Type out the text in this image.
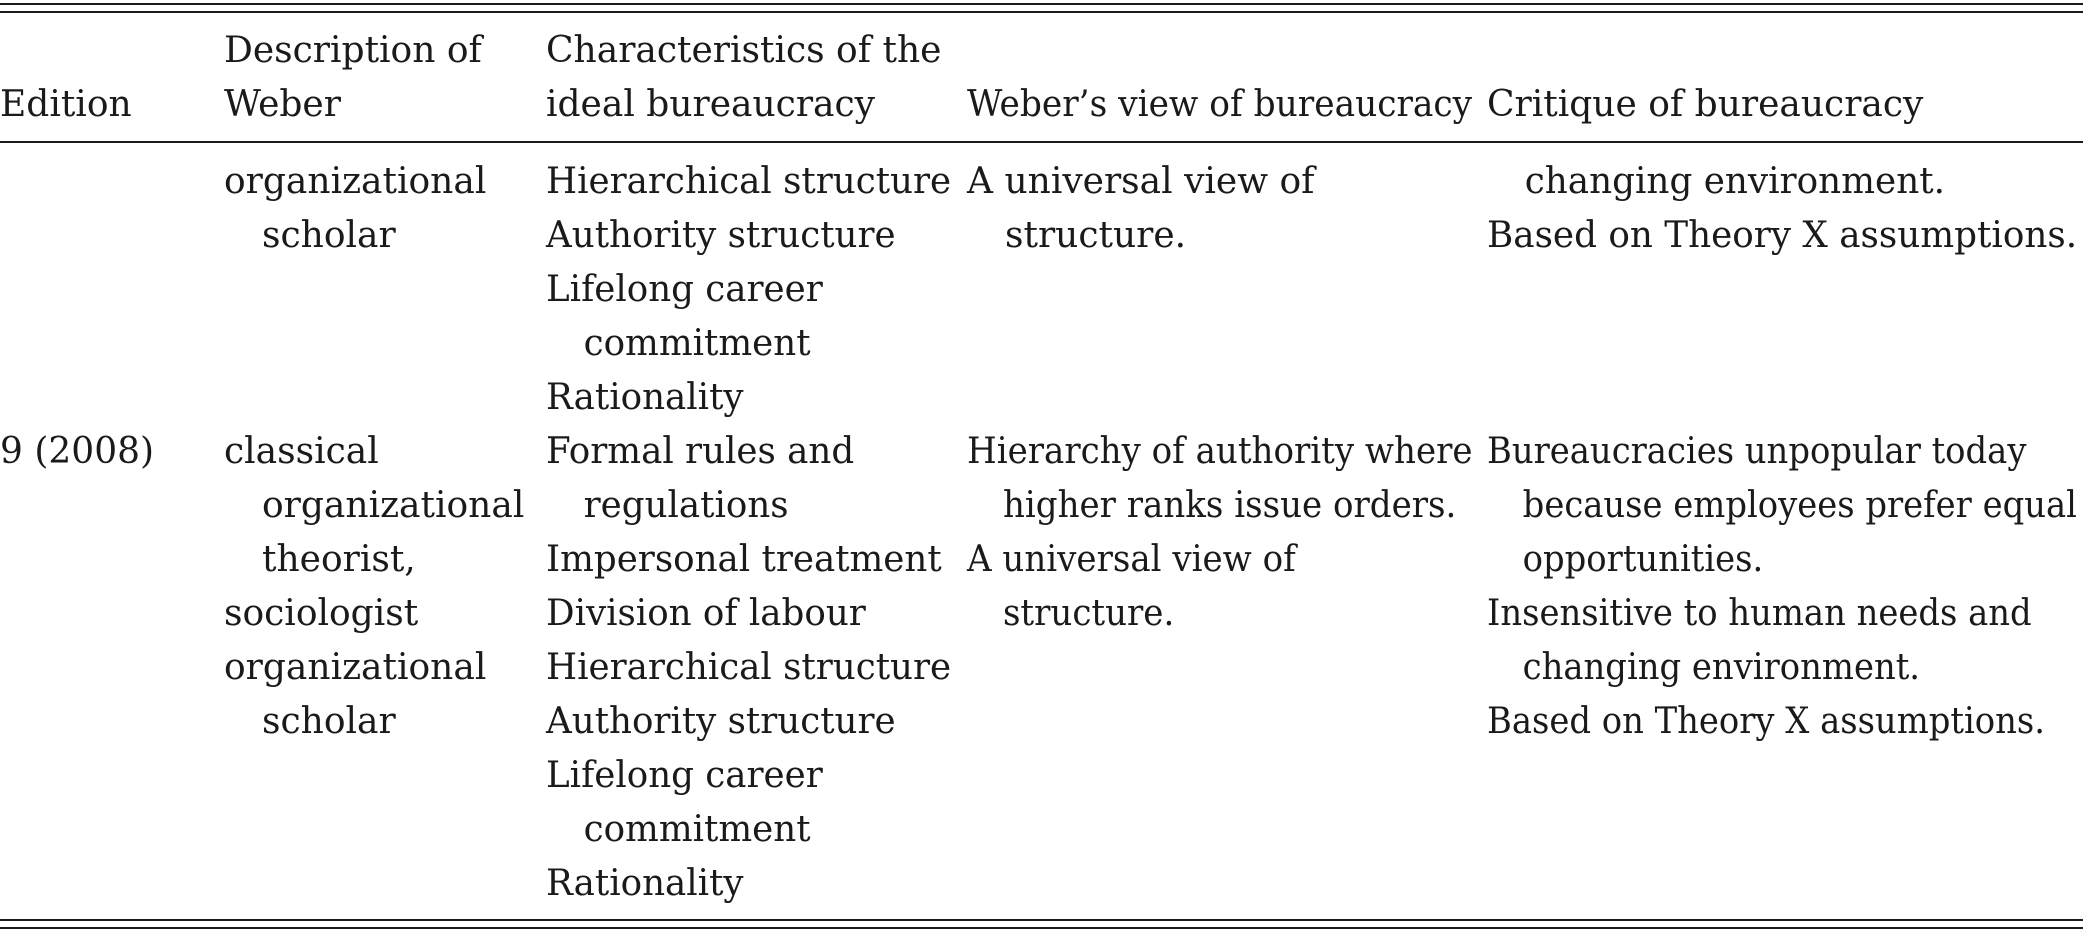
Edition
Description of
Weber
Characteristics of the
ideal bureaucracy	Weber’s view of bureaucracy Critique of bureaucracy
organizational
scholar
Hierarchical structure
Authority structure
Lifelong career
commitment
Rationality
A universal view of
structure.
changing environment.
Based on Theory X assumptions.
9 (2008) classical
organizational
theorist,
sociologist
organizational
scholar
Formal rules and
regulations
Impersonal treatment
Division of labour
Hierarchical structure
Authority structure
Lifelong career
commitment
Rationality
Hierarchy of authority where
higher ranks issue orders.
A universal view of
structure.
Bureaucracies unpopular today
because employees prefer equal
opportunities.
Insensitive to human needs and
changing environment.
Based on Theory X assumptions.
